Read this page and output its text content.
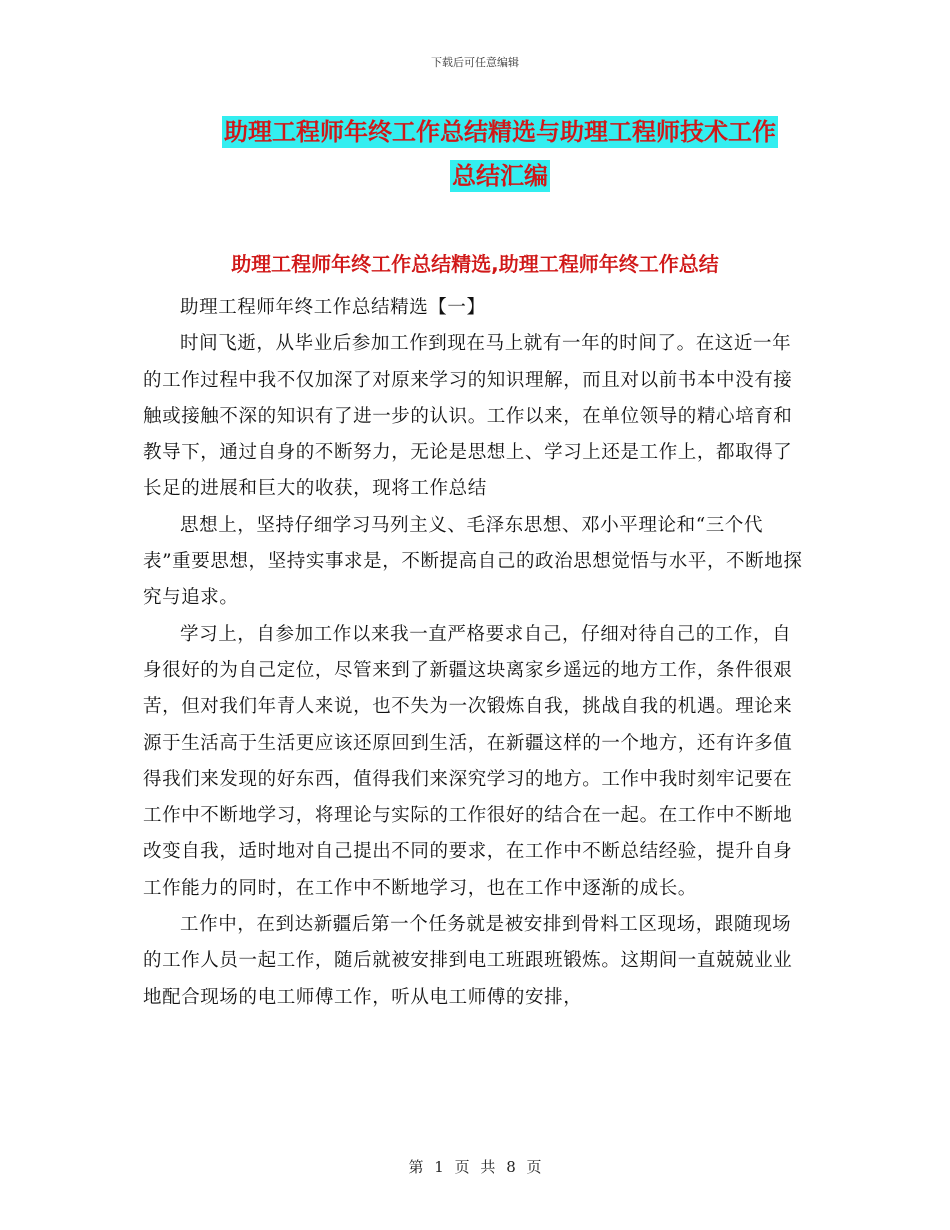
下载后可任意编辑
助理工程师年终工作总结精选与助理工程师技术工作
总结汇编
助理工程师年终工作总结精选,助理工程师年终工作总结

助理工程师年终工作总结精选【一】

时间飞逝，从毕业后参加工作到现在马上就有一年的时间了。在这近一年的工作过程中我不仅加深了对原来学习的知识理解，而且对以前书本中没有接触或接触不深的知识有了进一步的认识。工作以来，在单位领导的精心培育和教导下，通过自身的不断努力，无论是思想上、学习上还是工作上，都取得了长足的进展和巨大的收获，现将工作总结

思想上，坚持仔细学习马列主义、毛泽东思想、邓小平理论和“三个代表”重要思想，坚持实事求是，不断提高自己的政治思想觉悟与水平，不断地探究与追求。

学习上，自参加工作以来我一直严格要求自己，仔细对待自己的工作，自身很好的为自己定位，尽管来到了新疆这块离家乡遥远的地方工作，条件很艰苦，但对我们年青人来说，也不失为一次锻炼自我，挑战自我的机遇。理论来源于生活高于生活更应该还原回到生活，在新疆这样的一个地方，还有许多值得我们来发现的好东西，值得我们来深究学习的地方。工作中我时刻牢记要在工作中不断地学习，将理论与实际的工作很好的结合在一起。在工作中不断地改变自我，适时地对自己提出不同的要求，在工作中不断总结经验，提升自身工作能力的同时，在工作中不断地学习，也在工作中逐渐的成长。

工作中，在到达新疆后第一个任务就是被安排到骨料工区现场，跟随现场的工作人员一起工作，随后就被安排到电工班跟班锻炼。这期间一直兢兢业业地配合现场的电工师傅工作，听从电工师傅的安排，

第 1 页 共 8 页
